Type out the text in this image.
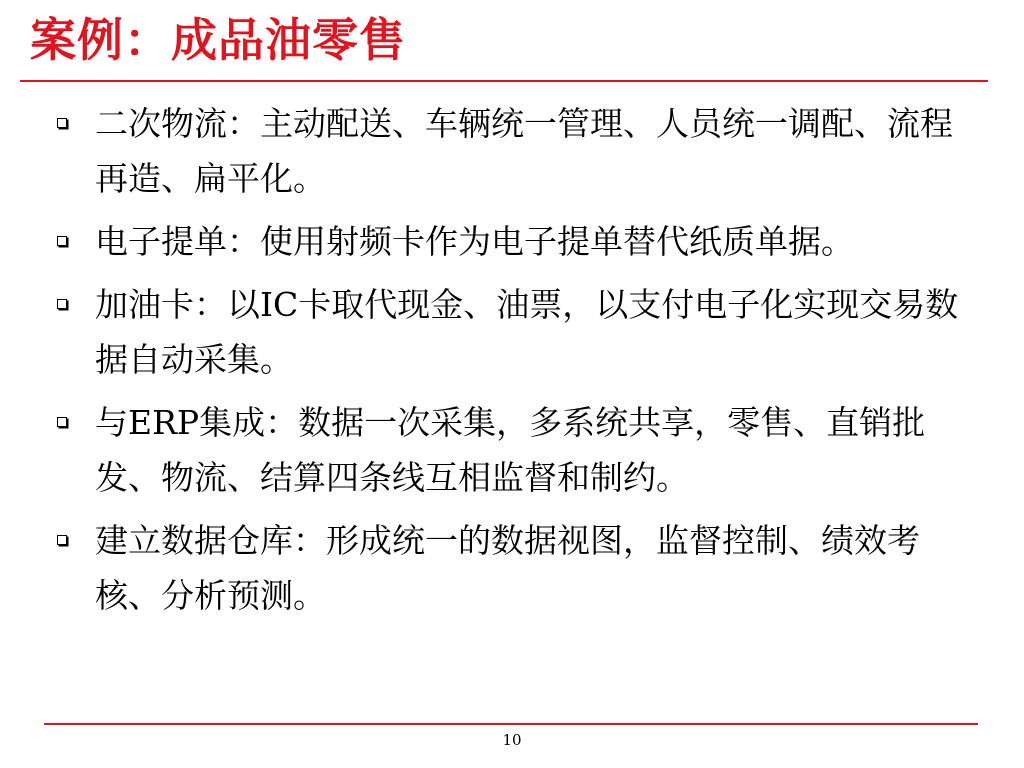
案例：成品油零售
二次物流：主动配送、车辆统一管理、人员统一调配、流程再造、扁平化。
电子提单：使用射频卡作为电子提单替代纸质单据。
加油卡：以IC卡取代现金、油票，以支付电子化实现交易数据自动采集。
与ERP集成：数据一次采集，多系统共享，零售、直销批发、物流、结算四条线互相监督和制约。
建立数据仓库：形成统一的数据视图，监督控制、绩效考核、分析预测。
10
